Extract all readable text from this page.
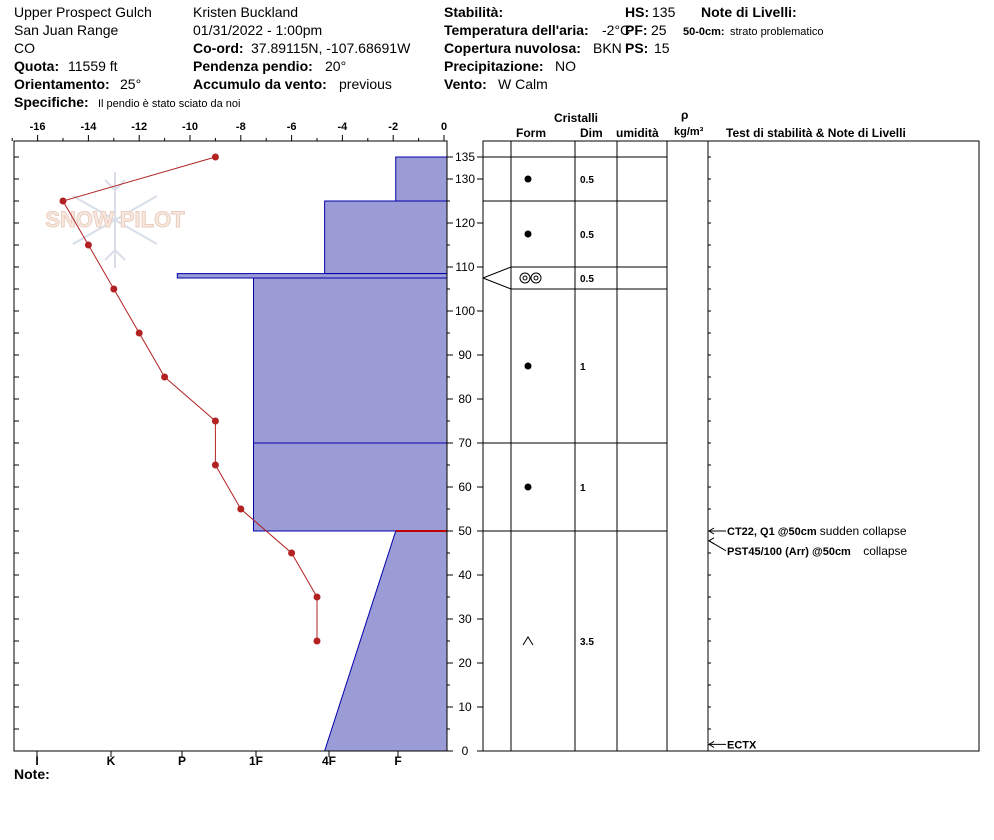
Upper Prospect Gulch
San Juan Range
CO
Quota: 11559 ft
Orientamento: 25°
Specifiche: Il pendio è stato sciato da noi
Kristen Buckland
01/31/2022 - 1:00pm
Co-ord: 37.89115N, -107.68691W
Pendenza pendio: 20°
Accumulo da vento: previous
Stabilità:
Temperatura dell'aria: -2°C
Copertura nuvolosa: BKN
Precipitazione: NO
Vento: W Calm
HS: 135
PF: 25
PS: 15
Note di Livelli:
50-0cm: strato problematico
Note:
Cristalli
Form	Dim umidità
ρ
kg/m³ Test di stabilità & Note di Livelli
SNOW PILOT
-16	-14	-12	-10	-8	-6	-4	-2	0
I	K	P	1F	4F	F
0
10
20
30
40
50
60
70
80
90
100
110
120
130
135
0.5
0.5
0.5
1
1
3.5
CT22, Q1 @50cm sudden collapse
PST45/100 (Arr) @50cm collapse
ECTX
